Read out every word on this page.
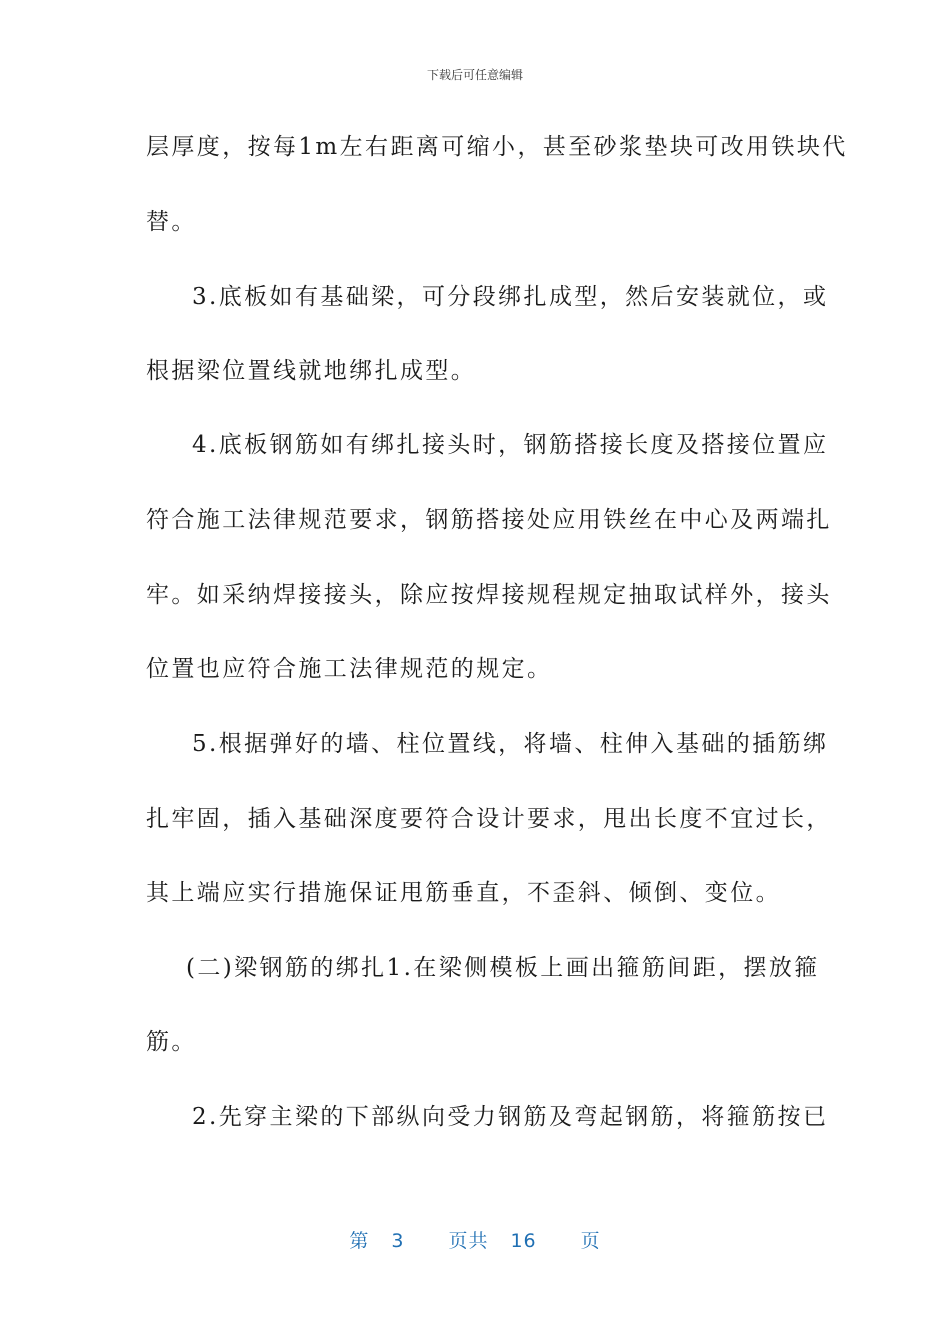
下载后可任意编辑
层厚度，按每1m左右距离可缩小，甚至砂浆垫块可改用铁块代
替。
3.底板如有基础梁，可分段绑扎成型，然后安装就位，或
根据梁位置线就地绑扎成型。
4.底板钢筋如有绑扎接头时，钢筋搭接长度及搭接位置应
符合施工法律规范要求，钢筋搭接处应用铁丝在中心及两端扎
牢。如采纳焊接接头，除应按焊接规程规定抽取试样外，接头
位置也应符合施工法律规范的规定。
5.根据弹好的墙、柱位置线，将墙、柱伸入基础的插筋绑
扎牢固，插入基础深度要符合设计要求，甩出长度不宜过长，
其上端应实行措施保证甩筋垂直，不歪斜、倾倒、变位。
(二)梁钢筋的绑扎1.在梁侧模板上画出箍筋间距，摆放箍
筋。
2.先穿主梁的下部纵向受力钢筋及弯起钢筋，将箍筋按已
第 3 页共 16 页
